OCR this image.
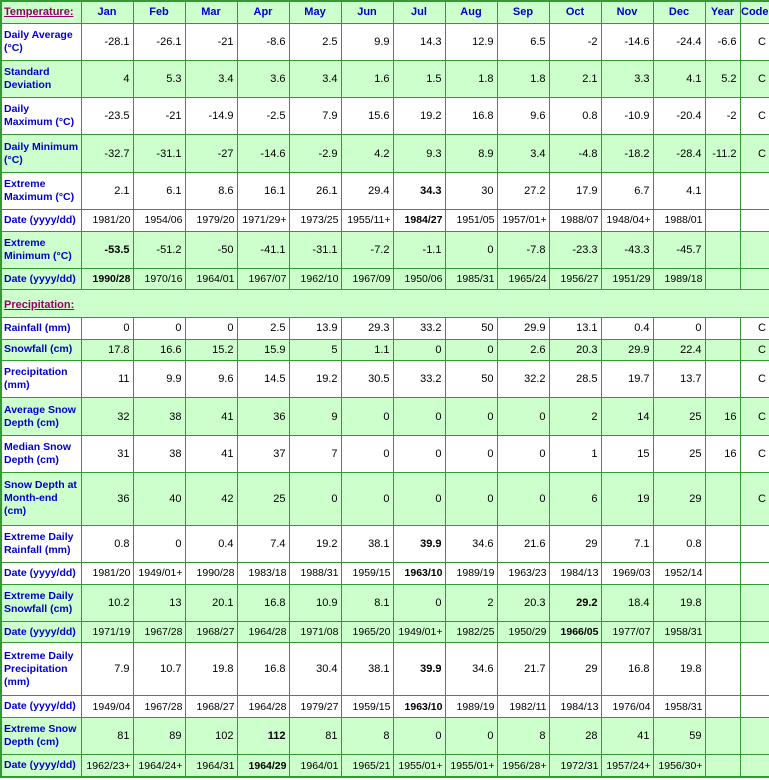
Temperature:	Jan	Feb	Mar	Apr	May	Jun	Jul	Aug	Sep	Oct	Nov	Dec	Year	Code
Daily Average (°C)	-28.1	-26.1	-21	-8.6	2.5	9.9	14.3	12.9	6.5	-2	-14.6	-24.4	-6.6	C
Standard Deviation	4	5.3	3.4	3.6	3.4	1.6	1.5	1.8	1.8	2.1	3.3	4.1	5.2	C
Daily Maximum (°C)	-23.5	-21	-14.9	-2.5	7.9	15.6	19.2	16.8	9.6	0.8	-10.9	-20.4	-2	C
Daily Minimum (°C)	-32.7	-31.1	-27	-14.6	-2.9	4.2	9.3	8.9	3.4	-4.8	-18.2	-28.4	-11.2	C
Extreme Maximum (°C)	2.1	6.1	8.6	16.1	26.1	29.4	34.3	30	27.2	17.9	6.7	4.1		
Date (yyyy/dd)	1981/20	1954/06	1979/20	1971/29+	1973/25	1955/11+	1984/27	1951/05	1957/01+	1988/07	1948/04+	1988/01		
Extreme Minimum (°C)	-53.5	-51.2	-50	-41.1	-31.1	-7.2	-1.1	0	-7.8	-23.3	-43.3	-45.7		
Date (yyyy/dd)	1990/28	1970/16	1964/01	1967/07	1962/10	1967/09	1950/06	1985/31	1965/24	1956/27	1951/29	1989/18		
Precipitation:														
Rainfall (mm)	0	0	0	2.5	13.9	29.3	33.2	50	29.9	13.1	0.4	0		C
Snowfall (cm)	17.8	16.6	15.2	15.9	5	1.1	0	0	2.6	20.3	29.9	22.4		C
Precipitation (mm)	11	9.9	9.6	14.5	19.2	30.5	33.2	50	32.2	28.5	19.7	13.7		C
Average Snow Depth (cm)	32	38	41	36	9	0	0	0	0	2	14	25	16	C
Median Snow Depth (cm)	31	38	41	37	7	0	0	0	0	1	15	25	16	C
Snow Depth at Month-end (cm)	36	40	42	25	0	0	0	0	0	6	19	29		C
Extreme Daily Rainfall (mm)	0.8	0	0.4	7.4	19.2	38.1	39.9	34.6	21.6	29	7.1	0.8		
Date (yyyy/dd)	1981/20	1949/01+	1990/28	1983/18	1988/31	1959/15	1963/10	1989/19	1963/23	1984/13	1969/03	1952/14		
Extreme Daily Snowfall (cm)	10.2	13	20.1	16.8	10.9	8.1	0	2	20.3	29.2	18.4	19.8		
Date (yyyy/dd)	1971/19	1967/28	1968/27	1964/28	1971/08	1965/20	1949/01+	1982/25	1950/29	1966/05	1977/07	1958/31		
Extreme Daily Precipitation (mm)	7.9	10.7	19.8	16.8	30.4	38.1	39.9	34.6	21.7	29	16.8	19.8		
Date (yyyy/dd)	1949/04	1967/28	1968/27	1964/28	1979/27	1959/15	1963/10	1989/19	1982/11	1984/13	1976/04	1958/31		
Extreme Snow Depth (cm)	81	89	102	112	81	8	0	0	8	28	41	59		
Date (yyyy/dd)	1962/23+	1964/24+	1964/31	1964/29	1964/01	1965/21	1955/01+	1955/01+	1956/28+	1972/31	1957/24+	1956/30+		
